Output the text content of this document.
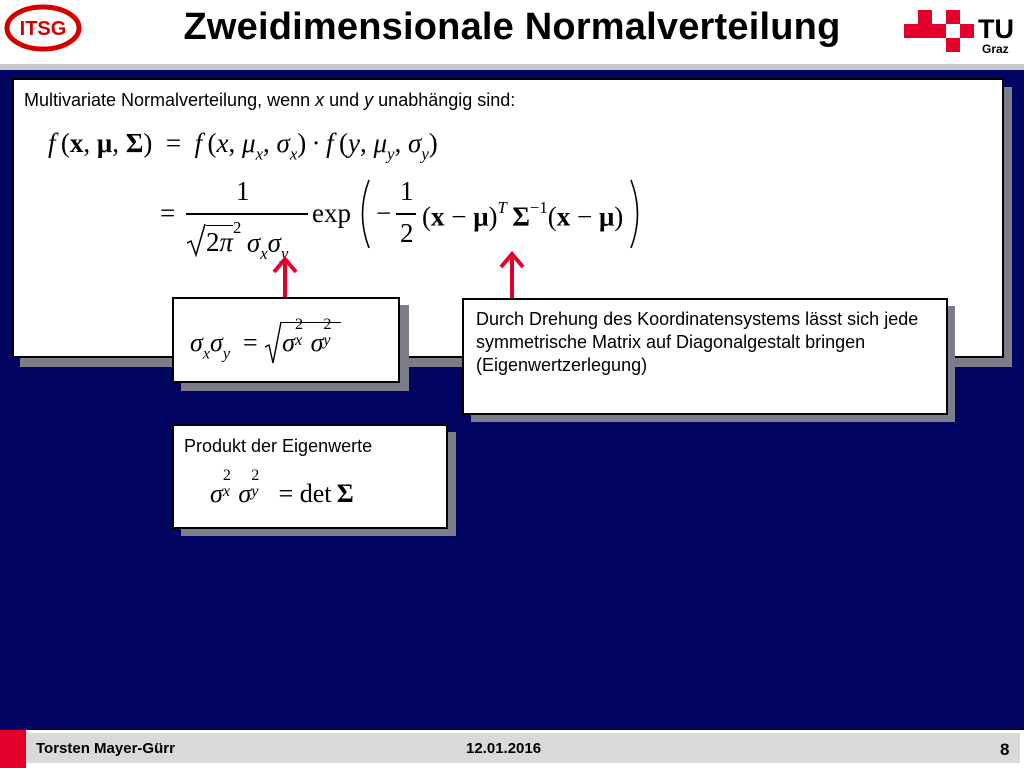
ITSG	Zweidimensionale Normalverteilung	TU
Graz
Multivariate Normalverteilung, wenn x und y unabhängig sind:
f (x, μ, Σ)  =  f (x, $\mu_x$, $\sigma_x) \cdot f$ (y, $\mu_y$, $\sigma_y$)
=
1
$2\pi^2$  $\sigma_x\sigma_y$
exp −
1
2
$(x - \mu)^T$  $\Sigma^{-1}(x - \mu)$
$\sigma_x\sigma_y = \sigma$
2
x σ
2
y
Durch Drehung des Koordinatensystems lässt sich jede symmetrische Matrix auf Diagonalgestalt bringen (Eigenwertzerlegung)
Produkt der Eigenwerte
σ
2
x σ
2
y   = det Σ
Torsten Mayer-Gürr	12.01.2016	8
